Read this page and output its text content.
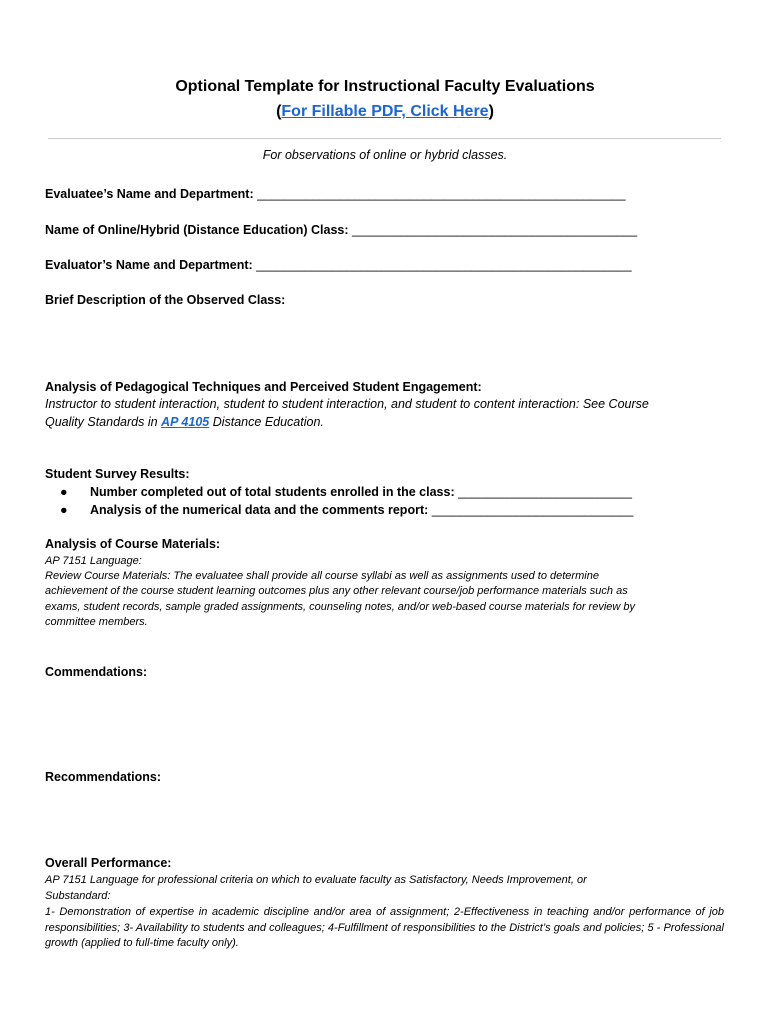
Optional Template for Instructional Faculty Evaluations
(For Fillable PDF, Click Here)
For observations of online or hybrid classes.
Evaluatee’s Name and Department: _____________________________________________________
Name of Online/Hybrid (Distance Education) Class: _________________________________________
Evaluator’s Name and Department: ______________________________________________________
Brief Description of the Observed Class:
Analysis of Pedagogical Techniques and Perceived Student Engagement:
Instructor to student interaction, student to student interaction, and student to content interaction: See Course
Quality Standards in AP 4105 Distance Education.
Student Survey Results:
● Number completed out of total students enrolled in the class: _________________________
● Analysis of the numerical data and the comments report: _____________________________
Analysis of Course Materials:
AP 7151 Language:
Review Course Materials: The evaluatee shall provide all course syllabi as well as assignments used to determine
achievement of the course student learning outcomes plus any other relevant course/job performance materials such as
exams, student records, sample graded assignments, counseling notes, and/or web-based course materials for review by
committee members.
Commendations:
Recommendations:
Overall Performance:
AP 7151 Language for professional criteria on which to evaluate faculty as Satisfactory, Needs Improvement, or
Substandard:
1- Demonstration of expertise in academic discipline and/or area of assignment; 2-Effectiveness in teaching and/or performance of job responsibilities; 3- Availability to students and colleagues; 4-Fulfillment of responsibilities to the District’s goals and policies; 5 - Professional growth (applied to full-time faculty only).
